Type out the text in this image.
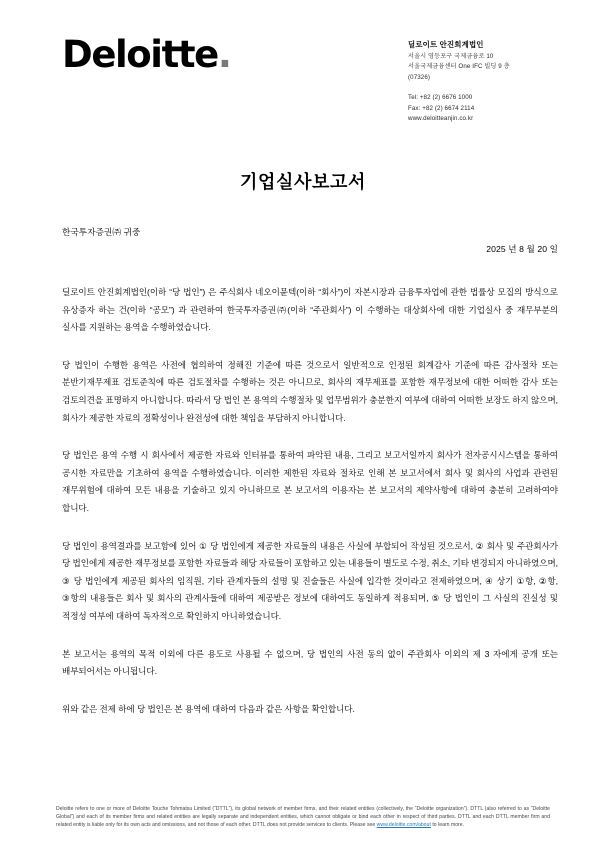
Deloitte.	딜로이트 안진회계법인
서울시 영등포구 국제금융로 10
서울국제금융센터 One IFC 빌딩 9 층
(07326)
Tel: +82 (2) 6676 1000
Fax: +82 (2) 6674 2114
www.deloitteanjin.co.kr
기업실사보고서
한국투자증권㈜ 귀중
2025 년 8 월 20 일

딜로이트 안진회계법인(이하 “당 법인”) 은 주식회사 네오이뮨텍(이하 “회사”)이 자본시장과 금융투자업에 관한 법률상 모집의 방식으로 유상증자 하는 건(이하 “공모”) 과 관련하여 한국투자증권㈜(이하 “주관회사”) 이 수행하는 대상회사에 대한 기업실사 중 재무부분의 실사를 지원하는 용역을 수행하였습니다.

당 법인이 수행한 용역은 사전에 협의하여 정해진 기준에 따른 것으로서 일반적으로 인정된 회계감사 기준에 따른 감사절차 또는 분반기재무제표 검토준칙에 따른 검토절차를 수행하는 것은 아니므로, 회사의 재무제표를 포함한 재무정보에 대한 어떠한 감사 또는 검토의견을 표명하지 아니합니다. 따라서 당 법인 본 용역의 수행절차 및 업무범위가 충분한지 여부에 대하여 어떠한 보장도 하지 않으며, 회사가 제공한 자료의 정확성이나 완전성에 대한 책임을 부담하지 아니합니다.

당 법인은 용역 수행 시 회사에서 제공한 자료와 인터뷰를 통하여 파악된 내용, 그리고 보고서일까지 회사가 전자공시시스템을 통하여 공시한 자료만을 기초하여 용역을 수행하였습니다. 이러한 제한된 자료와 절차로 인해 본 보고서에서 회사 및 회사의 사업과 관련된 재무위험에 대하여 모든 내용을 기술하고 있지 아니하므로 본 보고서의 이용자는 본 보고서의 제약사항에 대하여 충분히 고려하여야 합니다.

당 법인이 용역결과를 보고함에 있어 ① 당 법인에게 제공한 자료들의 내용은 사실에 부합되어 작성된 것으로서, ② 회사 및 주관회사가 당 법인에게 제공한 재무정보를 포함한 자료들과 해당 자료들이 포함하고 있는 내용들이 별도로 수정, 취소, 기타 변경되지 아니하였으며, ③ 당 법인에게 제공된 회사의 임직원, 기타 관계자들의 설명 및 진술들은 사실에 입각한 것이라고 전제하였으며, ④ 상기 ①항, ②항, ③항의 내용들은 회사 및 회사의 관계사들에 대하여 제공받은 정보에 대하여도 동일하게 적용되며, ⑤ 당 법인이 그 사실의 진실성 및 적정성 여부에 대하여 독자적으로 확인하지 아니하였습니다.

본 보고서는 용역의 목적 이외에 다른 용도로 사용될 수 없으며, 당 법인의 사전 동의 없이 주관회사 이외의 제 3 자에게 공개 또는 배부되어서는 아니됩니다.

위와 같은 전제 하에 당 법인은 본 용역에 대하여 다음과 같은 사항을 확인합니다.

Deloitte refers to one or more of Deloitte Touche Tohmatsu Limited (“DTTL”), its global network of member firms, and their related entities (collectively, the “Deloitte organization”). DTTL (also referred to as “Deloitte Global”) and each of its member firms and related entities are legally separate and independent entities, which cannot obligate or bind each other in respect of third parties. DTTL and each DTTL member firm and related entity is liable only for its own acts and omissions, and not those of each other. DTTL does not provide services to clients. Please see www.deloitte.com/about to learn more.
